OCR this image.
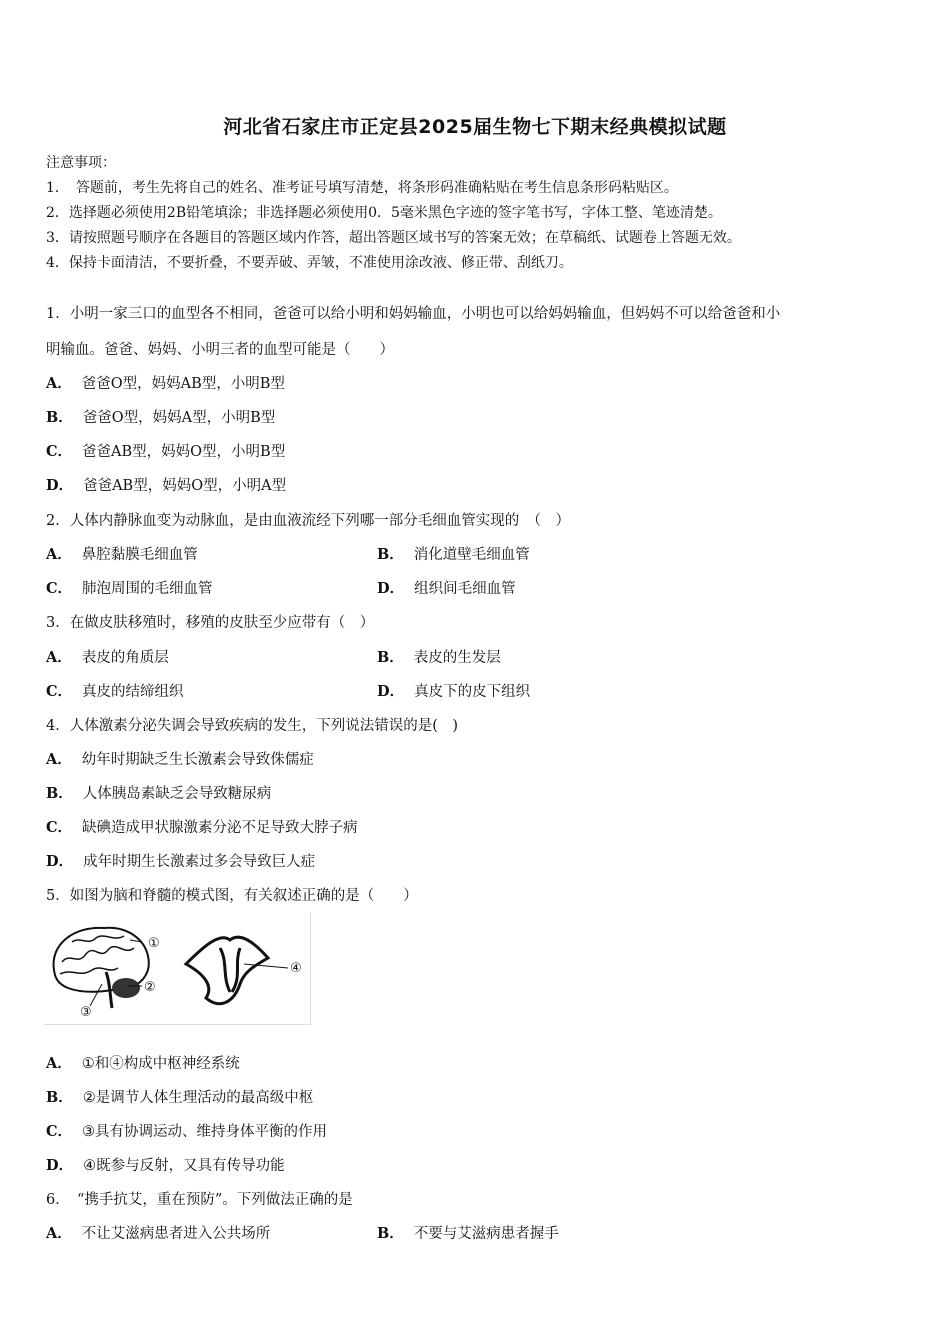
河北省石家庄市正定县2025届生物七下期末经典模拟试题
注意事项：
1．　答题前，考生先将自己的姓名、准考证号填写清楚，将条形码准确粘贴在考生信息条形码粘贴区。
2．选择题必须使用2B铅笔填涂；非选择题必须使用0．5毫米黑色字迹的签字笔书写，字体工整、笔迹清楚。
3．请按照题号顺序在各题目的答题区域内作答，超出答题区域书写的答案无效；在草稿纸、试题卷上答题无效。
4．保持卡面清洁，不要折叠，不要弄破、弄皱，不准使用涂改液、修正带、刮纸刀。
1．小明一家三口的血型各不相同，爸爸可以给小明和妈妈输血，小明也可以给妈妈输血，但妈妈不可以给爸爸和小
明输血。爸爸、妈妈、小明三者的血型可能是（　　）
A． 爸爸O型，妈妈AB型，小明B型
B． 爸爸O型，妈妈A型，小明B型
C． 爸爸AB型，妈妈O型，小明B型
D． 爸爸AB型，妈妈O型，小明A型
2．人体内静脉血变为动脉血，是由血液流经下列哪一部分毛细血管实现的　（　）
A． 鼻腔黏膜毛细血管	B． 消化道壁毛细血管
C． 肺泡周围的毛细血管	D． 组织间毛细血管
3．在做皮肤移殖时，移殖的皮肤至少应带有（　）
A． 表皮的角质层	B． 表皮的生发层
C． 真皮的结缔组织	D． 真皮下的皮下组织
4．人体激素分泌失调会导致疾病的发生，下列说法错误的是(　)
A． 幼年时期缺乏生长激素会导致侏儒症
B． 人体胰岛素缺乏会导致糖尿病
C． 缺碘造成甲状腺激素分泌不足导致大脖子病
D． 成年时期生长激素过多会导致巨人症
5．如图为脑和脊髓的模式图，有关叙述正确的是（　　）
①
②
③
④
A． ①和④构成中枢神经系统
B． ②是调节人体生理活动的最高级中枢
C． ③具有协调运动、维持身体平衡的作用
D． ④既参与反射，又具有传导功能
6．　“携手抗艾，重在预防”。下列做法正确的是
A． 不让艾滋病患者进入公共场所	B． 不要与艾滋病患者握手
